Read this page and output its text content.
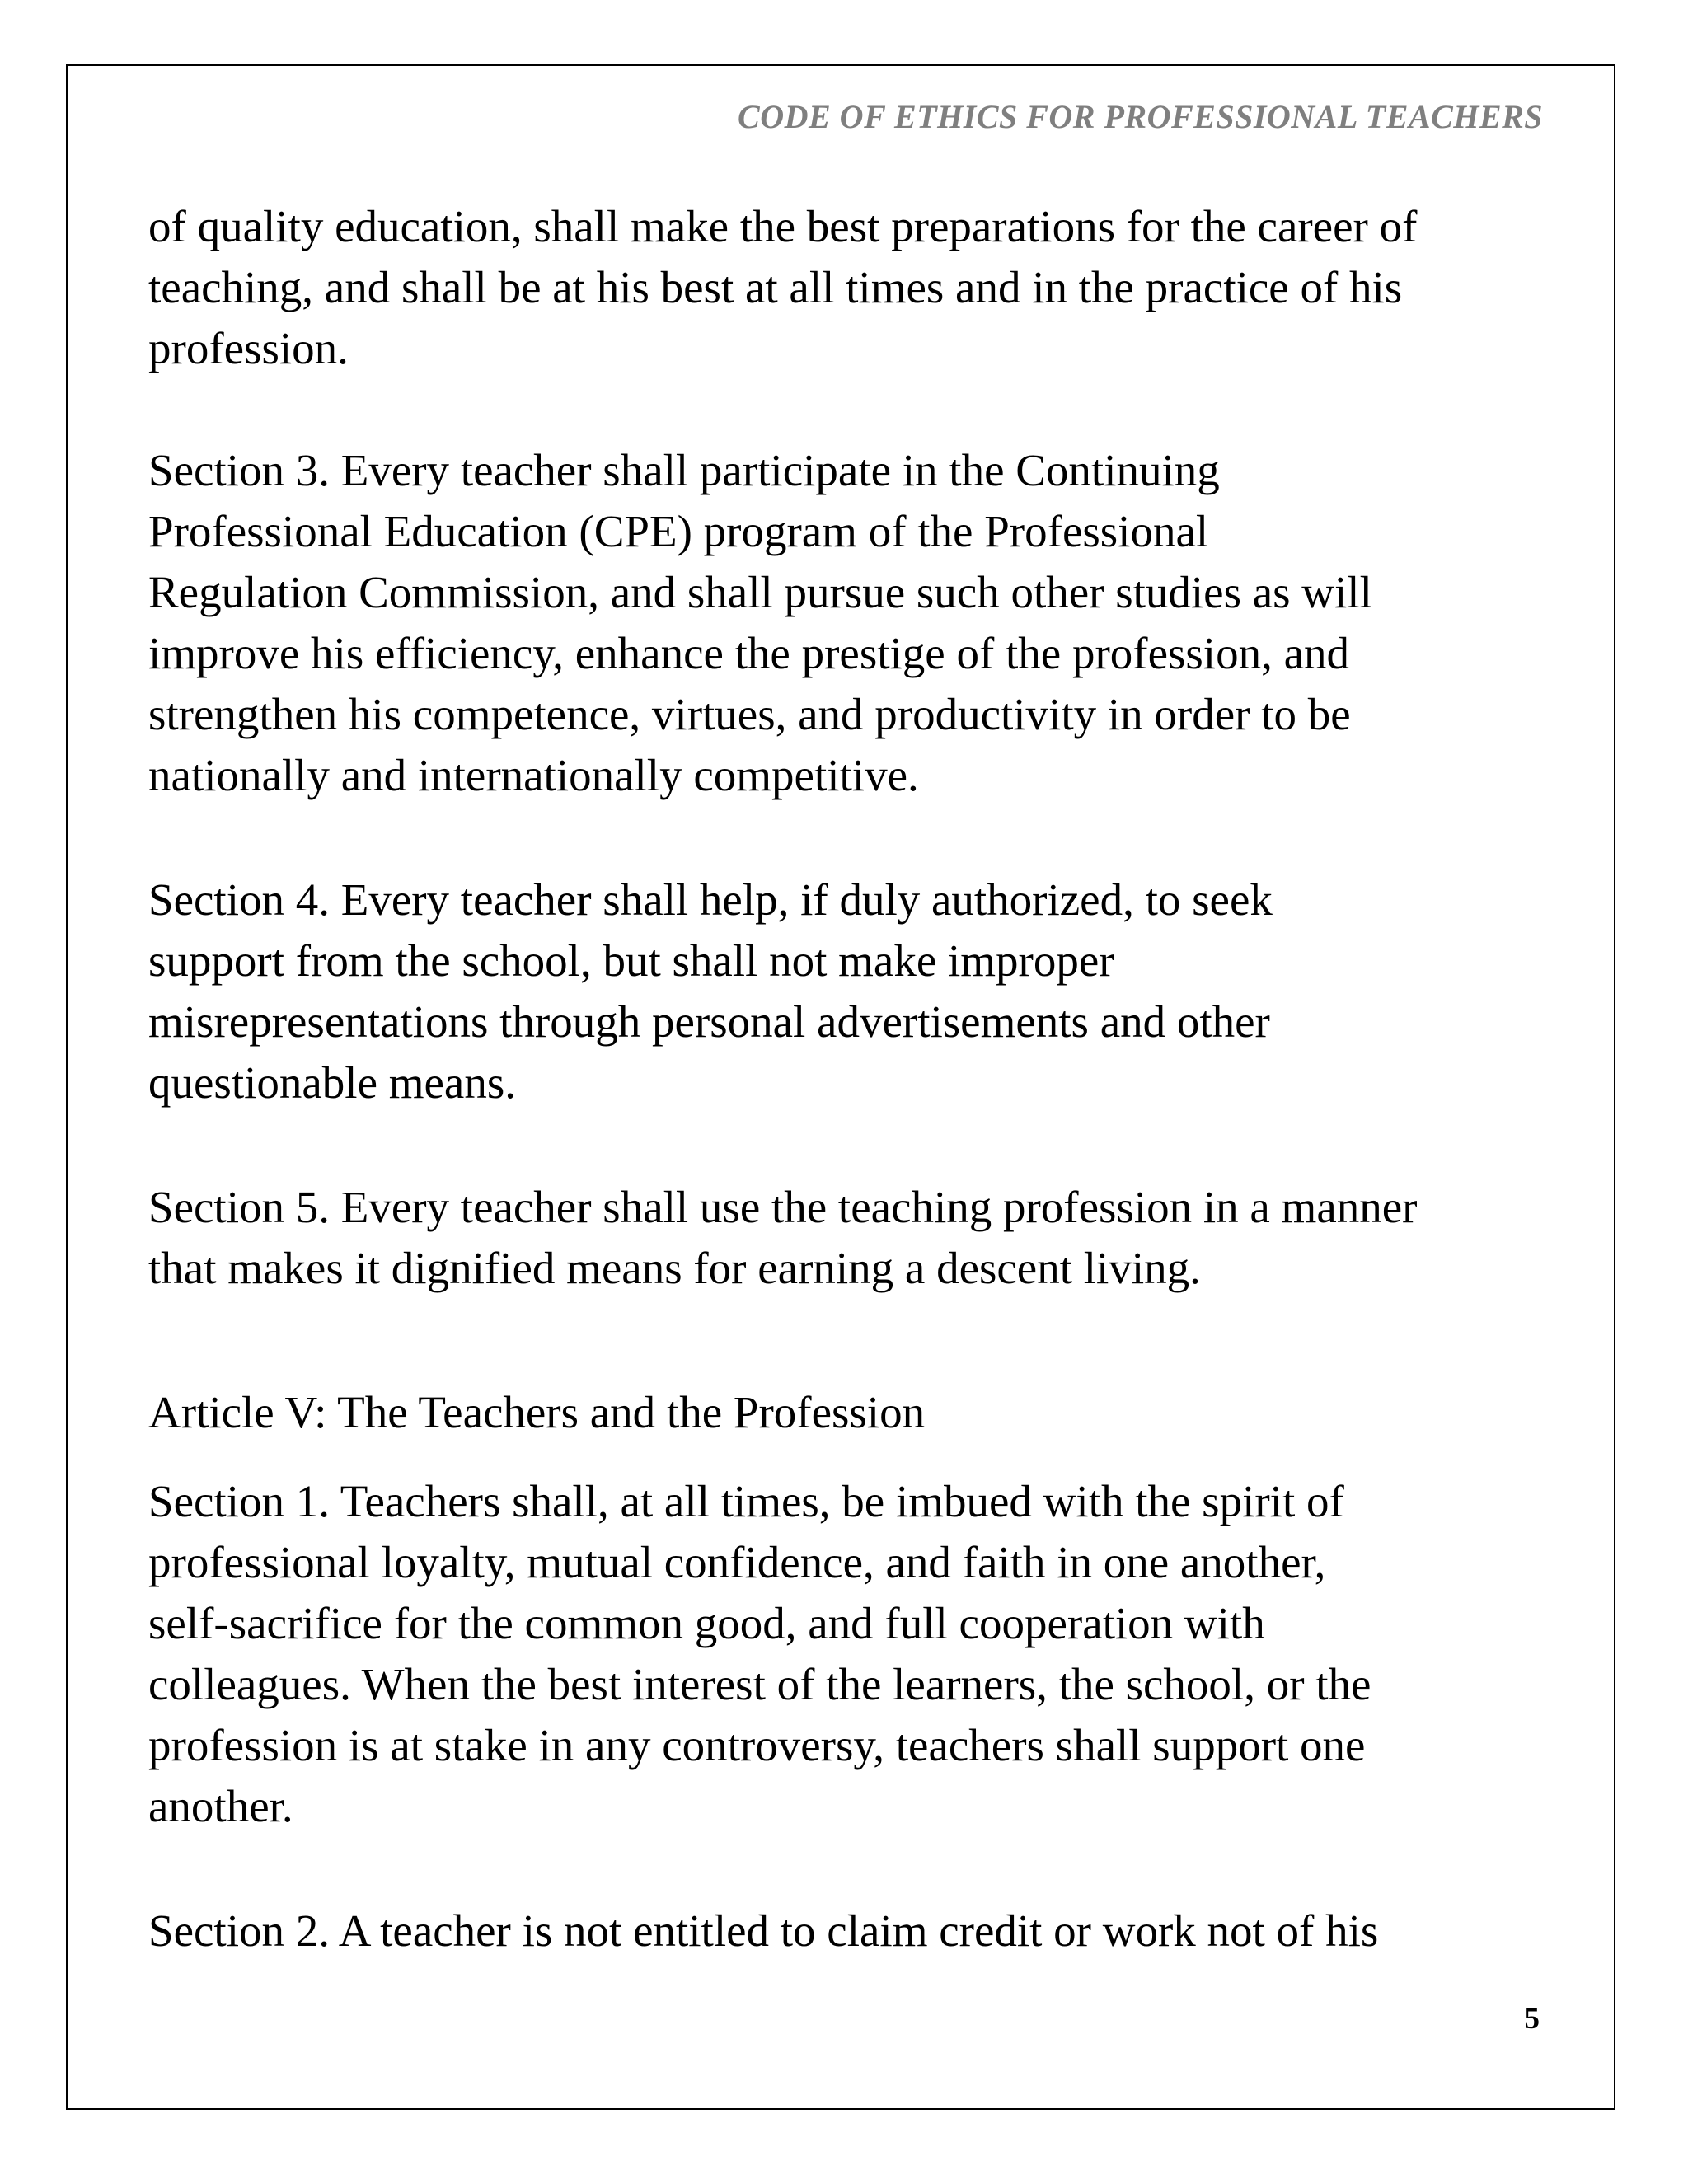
CODE OF ETHICS FOR PROFESSIONAL TEACHERS

of quality education, shall make the best preparations for the career of
teaching, and shall be at his best at all times and in the practice of his
profession.

Section 3. Every teacher shall participate in the Continuing
Professional Education (CPE) program of the Professional
Regulation Commission, and shall pursue such other studies as will
improve his efficiency, enhance the prestige of the profession, and
strengthen his competence, virtues, and productivity in order to be
nationally and internationally competitive.

Section 4. Every teacher shall help, if duly authorized, to seek
support from the school, but shall not make improper
misrepresentations through personal advertisements and other
questionable means.

Section 5. Every teacher shall use the teaching profession in a manner
that makes it dignified means for earning a descent living.

Article V: The Teachers and the Profession

Section 1. Teachers shall, at all times, be imbued with the spirit of
professional loyalty, mutual confidence, and faith in one another,
self-sacrifice for the common good, and full cooperation with
colleagues. When the best interest of the learners, the school, or the
profession is at stake in any controversy, teachers shall support one
another.

Section 2. A teacher is not entitled to claim credit or work not of his

5
